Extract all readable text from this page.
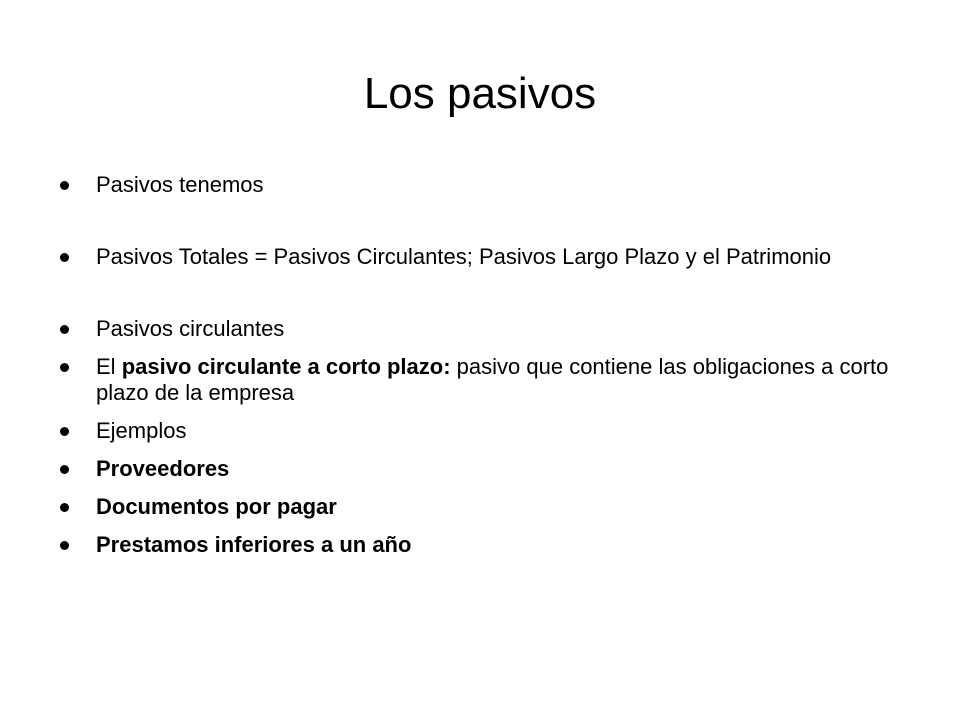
Los pasivos
Pasivos tenemos
Pasivos Totales = Pasivos Circulantes; Pasivos Largo Plazo y el Patrimonio
Pasivos circulantes
El pasivo circulante a corto plazo: pasivo que contiene las obligaciones a corto plazo de la empresa
Ejemplos
Proveedores
Documentos por pagar
Prestamos inferiores a un año
